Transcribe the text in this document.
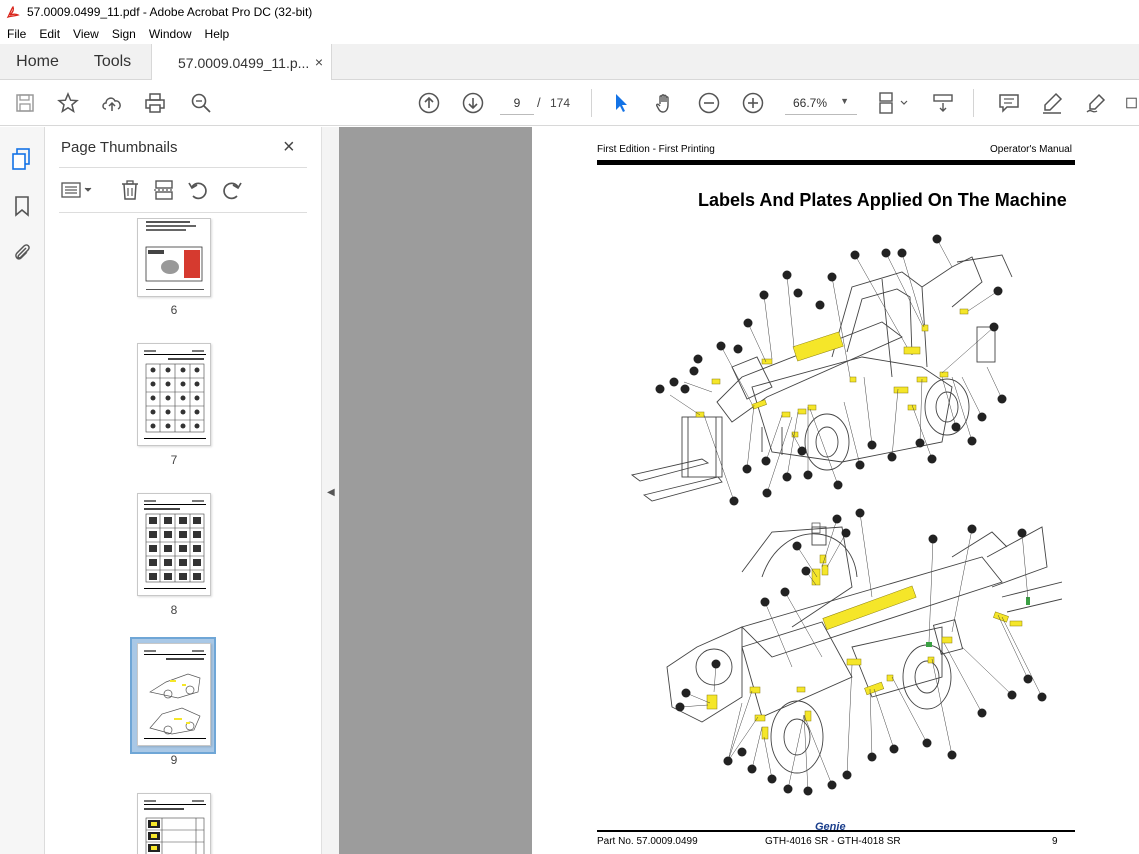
57.0009.0499_11.pdf - Adobe Acrobat Pro DC (32-bit)
File	Edit	View	Sign	Window	Help
Home	Tools	57.0009.0499_11.p... ×
9
/ 174	66.7% ▼
Page Thumbnails	×
6
7
8
9
◀
First Edition - First Printing	Operator's Manual
Labels And Plates Applied On The Machine
Genie
Part No. 57.0009.0499	GTH-4016 SR - GTH-4018 SR	9
